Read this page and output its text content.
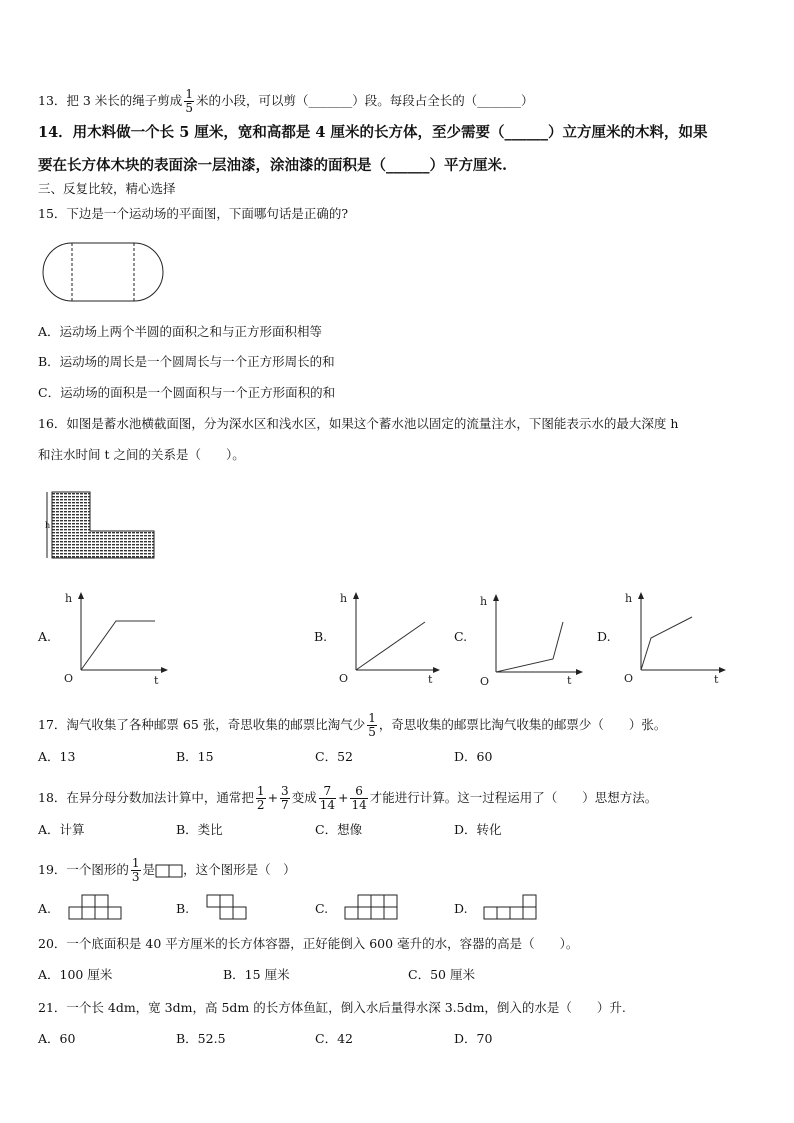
13．把 3 米长的绳子剪成 $\frac{1}{5}$ 米的小段，可以剪（_______）段。每段占全长的（_______）
14．用木料做一个长 5 厘米，宽和高都是 4 厘米的长方体，至少需要（______）立方厘米的木料，如果
要在长方体木块的表面涂一层油漆，涂油漆的面积是（______）平方厘米.
三、反复比较，精心选择
15．下边是一个运动场的平面图，下面哪句话是正确的?
A．运动场上两个半圆的面积之和与正方形面积相等
B．运动场的周长是一个圆周长与一个正方形周长的和
C．运动场的面积是一个圆面积与一个正方形面积的和
16．如图是蓄水池横截面图，分为深水区和浅水区，如果这个蓄水池以固定的流量注水，下图能表示水的最大深度 h
和注水时间 t 之间的关系是（　　）。
h
A.	B.	C.	D.
h
t
O
h
t
O
h
t
O
h
t
O
17．淘气收集了各种邮票 65 张，奇思收集的邮票比淘气少 $\frac{1}{5}$ ，奇思收集的邮票比淘气收集的邮票少（　　）张。
A．13	B．15	C．52	D．60
18．在异分母分数加法计算中，通常把 $\frac{1}{2} + \frac{3}{7}$ 变成 $\frac{7}{14} + \frac{6}{14}$ 才能进行计算。这一过程运用了（　　）思想方法。
A．计算	B．类比	C．想像	D．转化
19．一个图形的 $\frac{1}{3}$ 是 ，这个图形是（　）
A.	B.	C.	D.
20．一个底面积是 40 平方厘米的长方体容器，正好能倒入 600 毫升的水，容器的高是（　　）。
A．100 厘米	B．15 厘米	C．50 厘米
21．一个长 4dm，宽 3dm，高 5dm 的长方体鱼缸，倒入水后量得水深 3.5dm，倒入的水是（　　）升.
A．60	B．52.5	C．42	D．70
